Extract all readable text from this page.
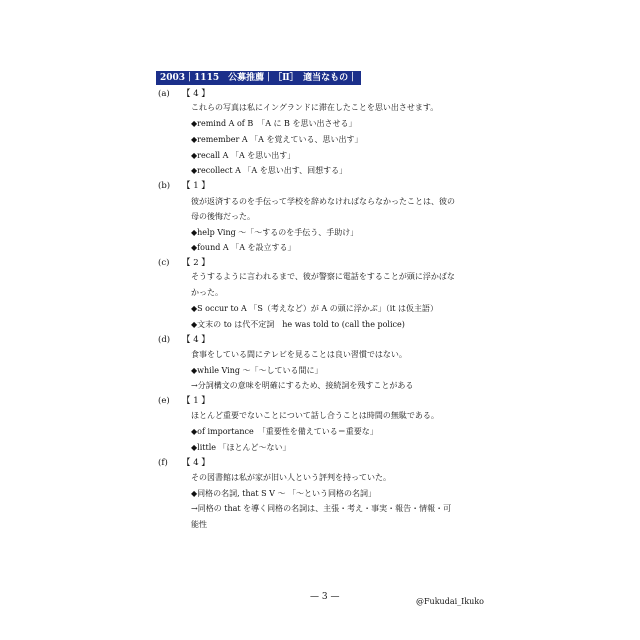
2003｜1115　公募推薦｜［Ⅱ］　適当なもの｜
(a) 【 4 】
これらの写真は私にイングランドに滞在したことを思い出させます。
◆remind A of B　「A に B を思い出させる」
◆remember A 「A を覚えている、思い出す」
◆recall A 「A を思い出す」
◆recollect A 「A を思い出す、回想する」
(b) 【 1 】
彼が返済するのを手伝って学校を辞めなければならなかったことは、彼の
母の後悔だった。
◆help Ving ～「～するのを手伝う、手助け」
◆found A 「A を設立する」
(c) 【 2 】
そうするように言われるまで、彼が警察に電話をすることが頭に浮かばな
かった。
◆S occur to A 「S（考えなど）が A の頭に浮かぶ」（it は仮主語）
◆文末の to は代不定詞　he was told to (call the police)
(d) 【 4 】
食事をしている間にテレビを見ることは良い習慣ではない。
◆while Ving ～「～している間に」
→分詞構文の意味を明確にするため、接続詞を残すことがある
(e) 【 1 】
ほとんど重要でないことについて話し合うことは時間の無駄である。
◆of importance　「重要性を備えている＝重要な」
◆little 「ほとんど～ない」
(f) 【 4 】
その図書館は私が家が旧い人という評判を持っていた。
◆同格の名詞, that S V ～ 「～という同格の名詞」
→同格の that を導く同格の名詞は、主張・考え・事実・報告・情報・可
能性
— 3 —	@Fukudai_Ikuko
